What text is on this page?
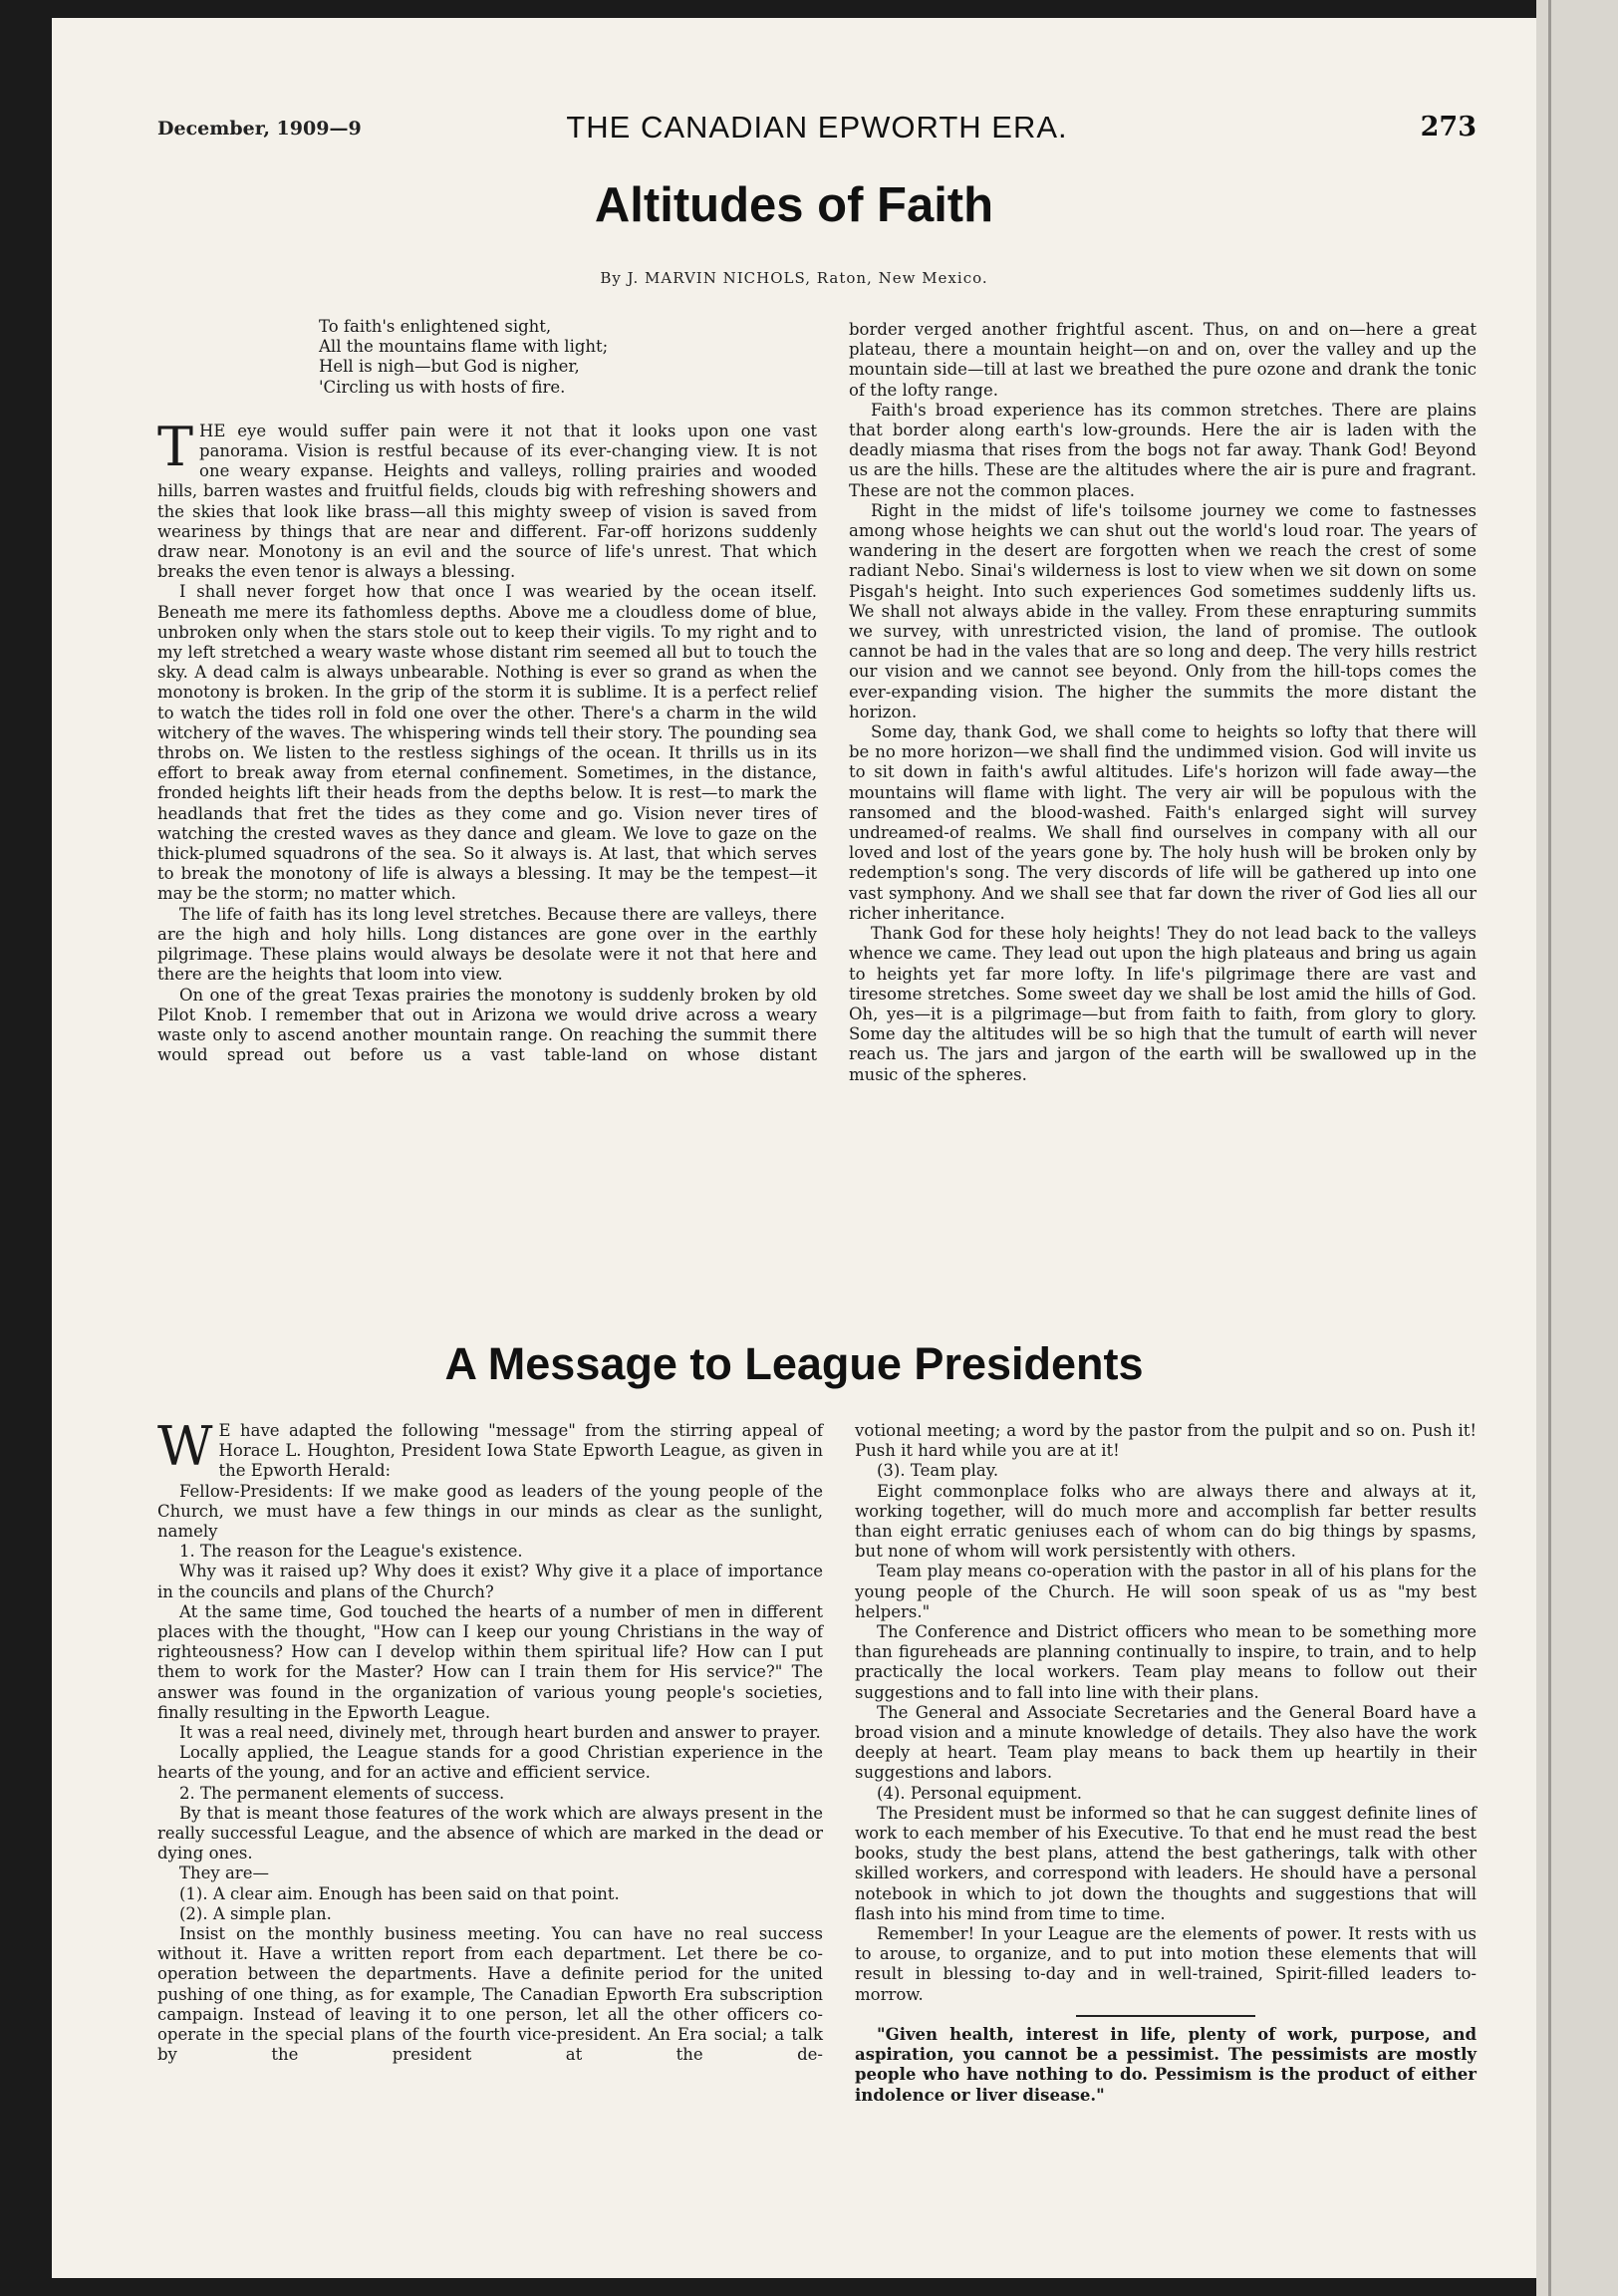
December, 1909—9	THE CANADIAN EPWORTH ERA.	273
Altitudes of Faith
By J. MARVIN NICHOLS, Raton, New Mexico.
To faith's enlightened sight,
All the mountains flame with light;
Hell is nigh—but God is nigher,
'Circling us with hosts of fire.

THE eye would suffer pain were it not that it looks upon one vast panorama. Vision is restful because of its ever-changing view. It is not one weary expanse. Heights and valleys, rolling prairies and wooded hills, barren wastes and fruitful fields, clouds big with refreshing showers and the skies that look like brass—all this mighty sweep of vision is saved from weariness by things that are near and different. Far-off horizons suddenly draw near. Monotony is an evil and the source of life's unrest. That which breaks the even tenor is always a blessing.

I shall never forget how that once I was wearied by the ocean itself. Beneath me mere its fathomless depths. Above me a cloudless dome of blue, unbroken only when the stars stole out to keep their vigils. To my right and to my left stretched a weary waste whose distant rim seemed all but to touch the sky. A dead calm is always unbearable. Nothing is ever so grand as when the monotony is broken. In the grip of the storm it is sublime. It is a perfect relief to watch the tides roll in fold one over the other. There's a charm in the wild witchery of the waves. The whispering winds tell their story. The pounding sea throbs on. We listen to the restless sighings of the ocean. It thrills us in its effort to break away from eternal confinement. Sometimes, in the distance, fronded heights lift their heads from the depths below. It is rest—to mark the headlands that fret the tides as they come and go. Vision never tires of watching the crested waves as they dance and gleam. We love to gaze on the thick-plumed squadrons of the sea. So it always is. At last, that which serves to break the monotony of life is always a blessing. It may be the tempest—it may be the storm; no matter which.

The life of faith has its long level stretches. Because there are valleys, there are the high and holy hills. Long distances are gone over in the earthly pilgrimage. These plains would always be desolate were it not that here and there are the heights that loom into view.

On one of the great Texas prairies the monotony is suddenly broken by old Pilot Knob. I remember that out in Arizona we would drive across a weary waste only to ascend another mountain range. On reaching the summit there would spread out before us a vast table-land on whose distant

border verged another frightful ascent. Thus, on and on—here a great plateau, there a mountain height—on and on, over the valley and up the mountain side—till at last we breathed the pure ozone and drank the tonic of the lofty range.

Faith's broad experience has its common stretches. There are plains that border along earth's low-grounds. Here the air is laden with the deadly miasma that rises from the bogs not far away. Thank God! Beyond us are the hills. These are the altitudes where the air is pure and fragrant. These are not the common places.

Right in the midst of life's toilsome journey we come to fastnesses among whose heights we can shut out the world's loud roar. The years of wandering in the desert are forgotten when we reach the crest of some radiant Nebo. Sinai's wilderness is lost to view when we sit down on some Pisgah's height. Into such experiences God sometimes suddenly lifts us. We shall not always abide in the valley. From these enrapturing summits we survey, with unrestricted vision, the land of promise. The outlook cannot be had in the vales that are so long and deep. The very hills restrict our vision and we cannot see beyond. Only from the hill-tops comes the ever-expanding vision. The higher the summits the more distant the horizon.

Some day, thank God, we shall come to heights so lofty that there will be no more horizon—we shall find the undimmed vision. God will invite us to sit down in faith's awful altitudes. Life's horizon will fade away—the mountains will flame with light. The very air will be populous with the ransomed and the blood-washed. Faith's enlarged sight will survey undreamed-of realms. We shall find ourselves in company with all our loved and lost of the years gone by. The holy hush will be broken only by redemption's song. The very discords of life will be gathered up into one vast symphony. And we shall see that far down the river of God lies all our richer inheritance.

Thank God for these holy heights! They do not lead back to the valleys whence we came. They lead out upon the high plateaus and bring us again to heights yet far more lofty. In life's pilgrimage there are vast and tiresome stretches. Some sweet day we shall be lost amid the hills of God. Oh, yes—it is a pilgrimage—but from faith to faith, from glory to glory. Some day the altitudes will be so high that the tumult of earth will never reach us. The jars and jargon of the earth will be swallowed up in the music of the spheres.

A Message to League Presidents

W E have adapted the following "message" from the stirring appeal of Horace L. Houghton, President Iowa State Epworth League, as given in the Epworth Herald:

Fellow-Presidents: If we make good as leaders of the young people of the Church, we must have a few things in our minds as clear as the sunlight, namely

1. The reason for the League's existence.

Why was it raised up? Why does it exist? Why give it a place of importance in the councils and plans of the Church?

At the same time, God touched the hearts of a number of men in different places with the thought, "How can I keep our young Christians in the way of righteousness? How can I develop within them spiritual life? How can I put them to work for the Master? How can I train them for His service?" The answer was found in the organization of various young people's societies, finally resulting in the Epworth League.

It was a real need, divinely met, through heart burden and answer to prayer.

Locally applied, the League stands for a good Christian experience in the hearts of the young, and for an active and efficient service.

2. The permanent elements of success.

By that is meant those features of the work which are always present in the really successful League, and the absence of which are marked in the dead or dying ones.

They are—

(1). A clear aim. Enough has been said on that point.

(2). A simple plan.

Insist on the monthly business meeting. You can have no real success without it. Have a written report from each department. Let there be co-operation between the departments. Have a definite period for the united pushing of one thing, as for example, The Canadian Epworth Era subscription campaign. Instead of leaving it to one person, let all the other officers co-operate in the special plans of the fourth vice-president. An Era social; a talk by the president at the de-

votional meeting; a word by the pastor from the pulpit and so on. Push it! Push it hard while you are at it!

(3). Team play.

Eight commonplace folks who are always there and always at it, working together, will do much more and accomplish far better results than eight erratic geniuses each of whom can do big things by spasms, but none of whom will work persistently with others.

Team play means co-operation with the pastor in all of his plans for the young people of the Church. He will soon speak of us as "my best helpers."

The Conference and District officers who mean to be something more than figureheads are planning continually to inspire, to train, and to help practically the local workers. Team play means to follow out their suggestions and to fall into line with their plans.

The General and Associate Secretaries and the General Board have a broad vision and a minute knowledge of details. They also have the work deeply at heart. Team play means to back them up heartily in their suggestions and labors.

(4). Personal equipment.

The President must be informed so that he can suggest definite lines of work to each member of his Executive. To that end he must read the best books, study the best plans, attend the best gatherings, talk with other skilled workers, and correspond with leaders. He should have a personal notebook in which to jot down the thoughts and suggestions that will flash into his mind from time to time.

Remember! In your League are the elements of power. It rests with us to arouse, to organize, and to put into motion these elements that will result in blessing to-day and in well-trained, Spirit-filled leaders to-morrow.

"Given health, interest in life, plenty of work, purpose, and aspiration, you cannot be a pessimist. The pessimists are mostly people who have nothing to do. Pessimism is the product of either indolence or liver disease."
